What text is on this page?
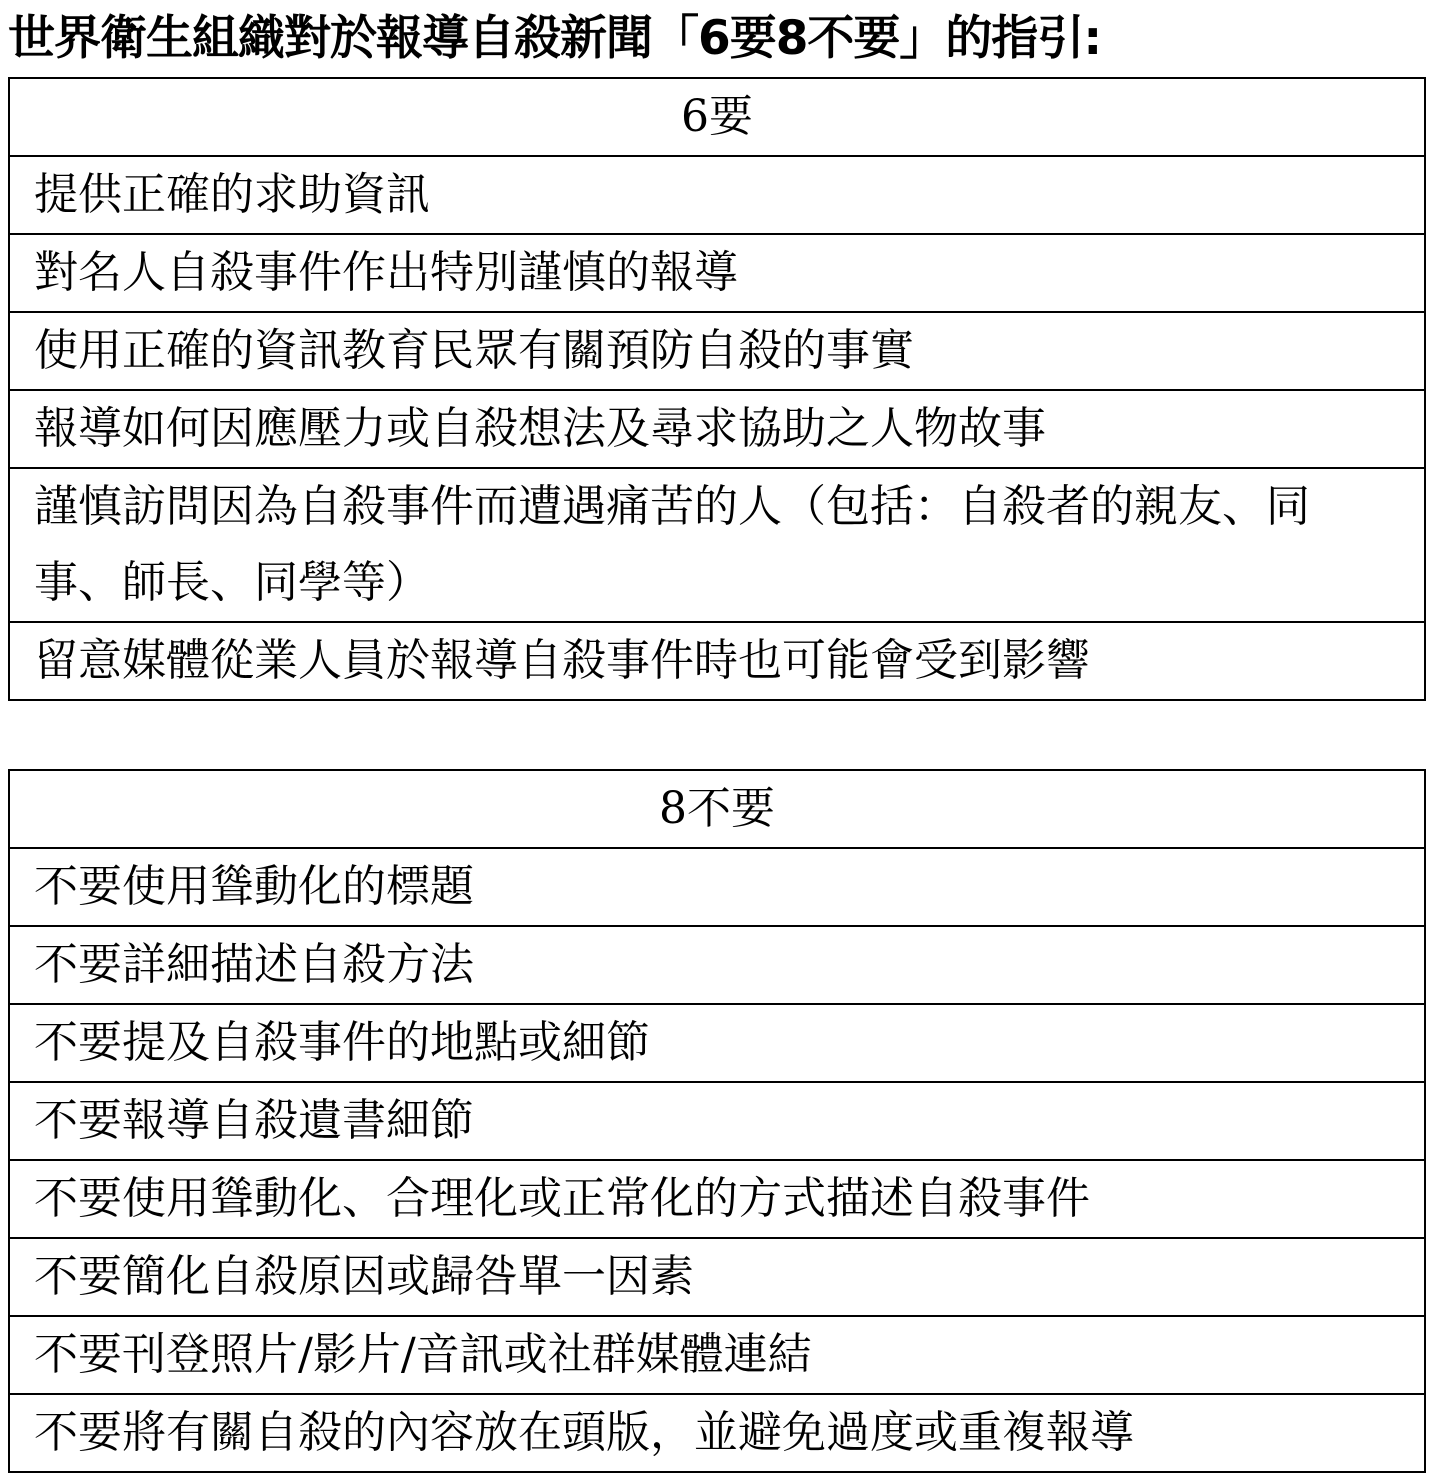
世界衛生組織對於報導自殺新聞「6要8不要」的指引:
6要
提供正確的求助資訊
對名人自殺事件作出特別謹慎的報導
使用正確的資訊教育民眾有關預防自殺的事實
報導如何因應壓力或自殺想法及尋求協助之人物故事
謹慎訪問因為自殺事件而遭遇痛苦的人（包括：自殺者的親友、同事、師長、同學等）
留意媒體從業人員於報導自殺事件時也可能會受到影響
8不要
不要使用聳動化的標題
不要詳細描述自殺方法
不要提及自殺事件的地點或細節
不要報導自殺遺書細節
不要使用聳動化、合理化或正常化的方式描述自殺事件
不要簡化自殺原因或歸咎單一因素
不要刊登照片/影片/音訊或社群媒體連結
不要將有關自殺的內容放在頭版，並避免過度或重複報導
